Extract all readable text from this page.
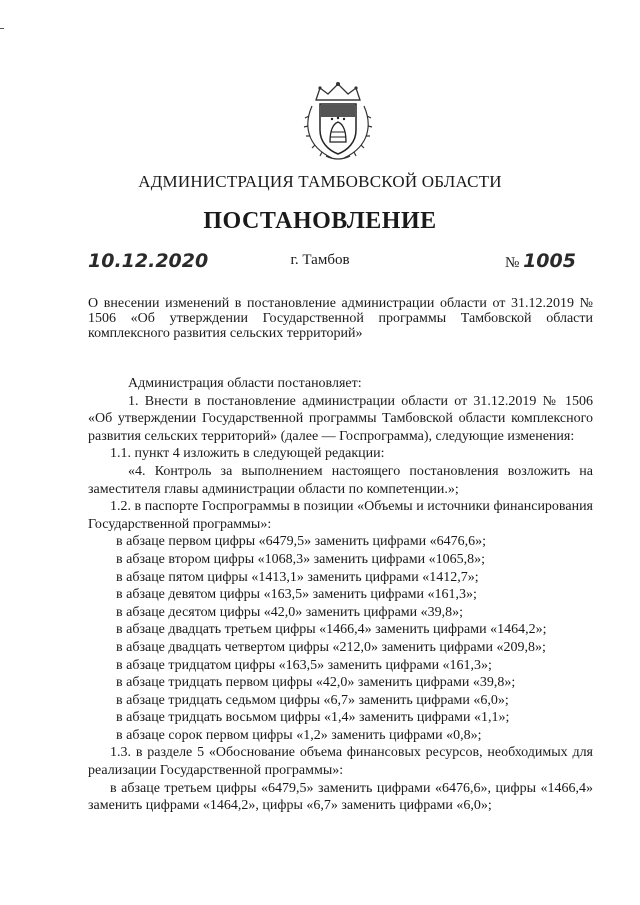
АДМИНИСТРАЦИЯ ТАМБОВСКОЙ ОБЛАСТИ
ПОСТАНОВЛЕНИЕ
10.12.2020	г. Тамбов	№ 1005
О внесении изменений в постановление администрации области от 31.12.2019 № 1506 «Об утверждении Государственной программы Тамбовской области комплексного развития сельских территорий»

Администрация области постановляет:

1. Внести в постановление администрации области от 31.12.2019 № 1506 «Об утверждении Государственной программы Тамбовской области комплексного развития сельских территорий» (далее — Госпрограмма), следующие изменения:

1.1. пункт 4 изложить в следующей редакции:

«4. Контроль за выполнением настоящего постановления возложить на заместителя главы администрации области по компетенции.»;

1.2. в паспорте Госпрограммы в позиции «Объемы и источники финансирования Государственной программы»:

в абзаце первом цифры «6479,5» заменить цифрами «6476,6»;

в абзаце втором цифры «1068,3» заменить цифрами «1065,8»;

в абзаце пятом цифры «1413,1» заменить цифрами «1412,7»;

в абзаце девятом цифры «163,5» заменить цифрами «161,3»;

в абзаце десятом цифры «42,0» заменить цифрами «39,8»;

в абзаце двадцать третьем цифры «1466,4» заменить цифрами «1464,2»;

в абзаце двадцать четвертом цифры «212,0» заменить цифрами «209,8»;

в абзаце тридцатом цифры «163,5» заменить цифрами «161,3»;

в абзаце тридцать первом цифры «42,0» заменить цифрами «39,8»;

в абзаце тридцать седьмом цифры «6,7» заменить цифрами «6,0»;

в абзаце тридцать восьмом цифры «1,4» заменить цифрами «1,1»;

в абзаце сорок первом цифры «1,2» заменить цифрами «0,8»;

1.3. в разделе 5 «Обоснование объема финансовых ресурсов, необходимых для реализации Государственной программы»:

в абзаце третьем цифры «6479,5» заменить цифрами «6476,6», цифры «1466,4» заменить цифрами «1464,2», цифры «6,7» заменить цифрами «6,0»;
